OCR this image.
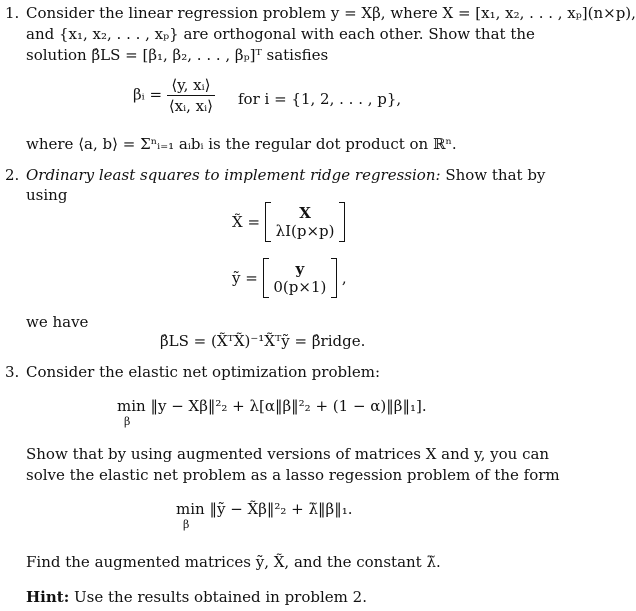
1. Consider the linear regression problem y = Xβ, where X = [x₁, x₂, . . . , xₚ](n×p),
and {x₁, x₂, . . . , xₚ} are orthogonal with each other. Show that the
solution β̂LS = [β₁, β₂, . . . , βₚ]ᵀ satisfies
βᵢ = $\frac{\text{⟨y, xᵢ⟩}}{\text{⟨xᵢ, xᵢ⟩}}$ for i = {1, 2, . . . , p},
where ⟨a, b⟩ = Σⁿᵢ₌₁ aᵢbᵢ is the regular dot product on ℝⁿ.
2. Ordinary least squares to implement ridge regression: Show that by
using
X̃ =	X
λI(p×p)

ỹ =	y
0(p×1) ,
we have
β̂LS = (X̃ᵀX̃)⁻¹X̃ᵀỹ = β̂ridge.
3. Consider the elastic net optimization problem:
min ‖y − Xβ‖²₂ + λ[α‖β‖²₂ + (1 − α)‖β‖₁].
β
Show that by using augmented versions of matrices X and y, you can
solve the elastic net problem as a lasso regession problem of the form
min ‖ỹ − X̃β‖²₂ + λ̃‖β‖₁.
β
Find the augmented matrices ỹ, X̃, and the constant λ̃.
Hint: Use the results obtained in problem 2.
